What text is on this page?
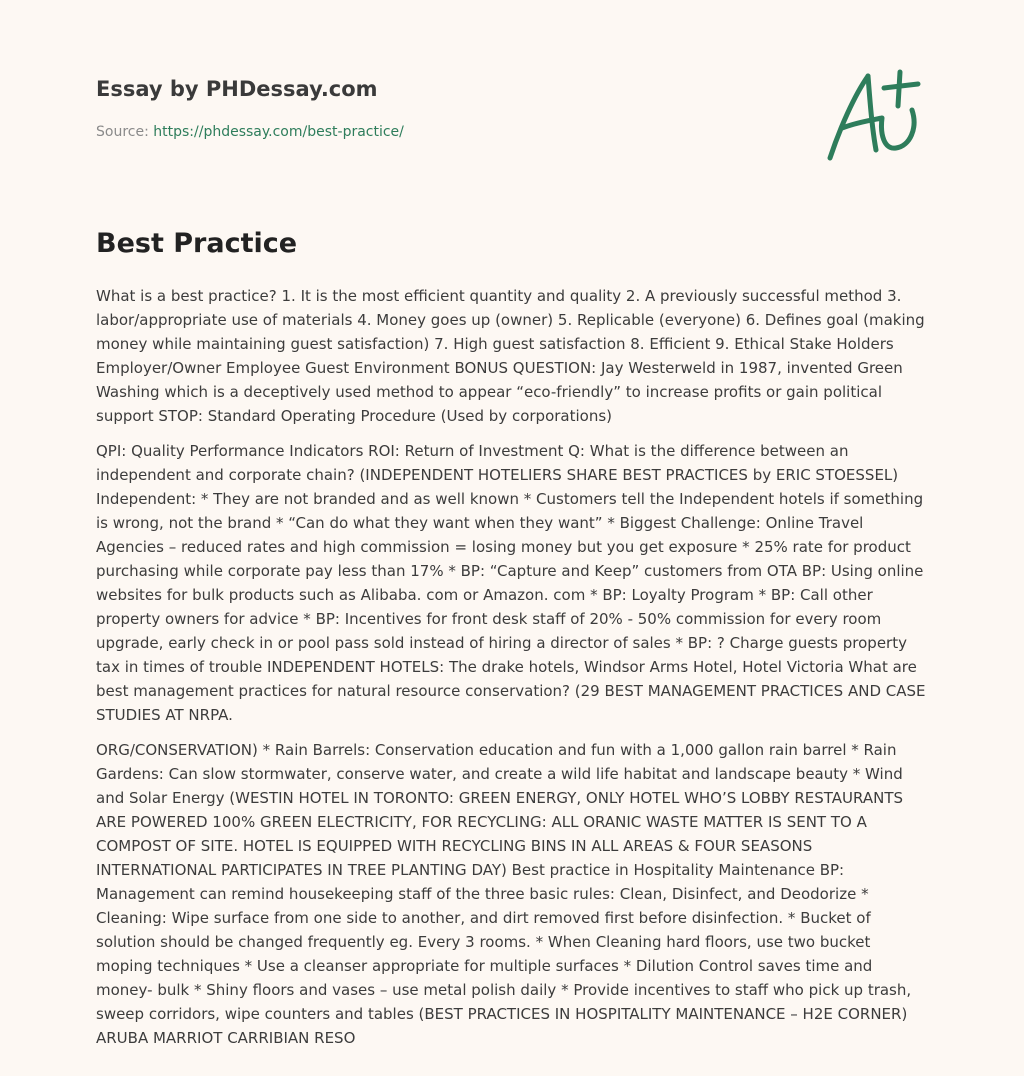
Essay by PHDessay.com
Source: https://phdessay.com/best-practice/
Best Practice

What is a best practice? 1. It is the most efficient quantity and quality 2. A previously successful method 3. labor/appropriate use of materials 4. Money goes up (owner) 5. Replicable (everyone) 6. Defines goal (making money while maintaining guest satisfaction) 7. High guest satisfaction 8. Efficient 9. Ethical Stake Holders Employer/Owner Employee Guest Environment BONUS QUESTION: Jay Westerweld in 1987, invented Green Washing which is a deceptively used method to appear “eco-friendly” to increase profits or gain political support STOP: Standard Operating Procedure (Used by corporations)

QPI: Quality Performance Indicators ROI: Return of Investment Q: What is the difference between an independent and corporate chain? (INDEPENDENT HOTELIERS SHARE BEST PRACTICES by ERIC STOESSEL) Independent: * They are not branded and as well known * Customers tell the Independent hotels if something is wrong, not the brand * “Can do what they want when they want” * Biggest Challenge: Online Travel Agencies – reduced rates and high commission = losing money but you get exposure * 25% rate for product purchasing while corporate pay less than 17% * BP: “Capture and Keep” customers from OTA BP: Using online websites for bulk products such as Alibaba. com or Amazon. com * BP: Loyalty Program * BP: Call other property owners for advice * BP: Incentives for front desk staff of 20% - 50% commission for every room upgrade, early check in or pool pass sold instead of hiring a director of sales * BP: ? Charge guests property tax in times of trouble INDEPENDENT HOTELS: The drake hotels, Windsor Arms Hotel, Hotel Victoria What are best management practices for natural resource conservation? (29 BEST MANAGEMENT PRACTICES AND CASE STUDIES AT NRPA.

ORG/CONSERVATION) * Rain Barrels: Conservation education and fun with a 1,000 gallon rain barrel * Rain Gardens: Can slow stormwater, conserve water, and create a wild life habitat and landscape beauty * Wind and Solar Energy (WESTIN HOTEL IN TORONTO: GREEN ENERGY, ONLY HOTEL WHO’S LOBBY RESTAURANTS ARE POWERED 100% GREEN ELECTRICITY, FOR RECYCLING: ALL ORANIC WASTE MATTER IS SENT TO A COMPOST OF SITE. HOTEL IS EQUIPPED WITH RECYCLING BINS IN ALL AREAS & FOUR SEASONS INTERNATIONAL PARTICIPATES IN TREE PLANTING DAY) Best practice in Hospitality Maintenance BP: Management can remind housekeeping staff of the three basic rules: Clean, Disinfect, and Deodorize * Cleaning: Wipe surface from one side to another, and dirt removed first before disinfection. * Bucket of solution should be changed frequently eg. Every 3 rooms. * When Cleaning hard floors, use two bucket moping techniques * Use a cleanser appropriate for multiple surfaces * Dilution Control saves time and money- bulk * Shiny floors and vases – use metal polish daily * Provide incentives to staff who pick up trash, sweep corridors, wipe counters and tables (BEST PRACTICES IN HOSPITALITY MAINTENANCE – H2E CORNER) ARUBA MARRIOT CARRIBIAN RESO
